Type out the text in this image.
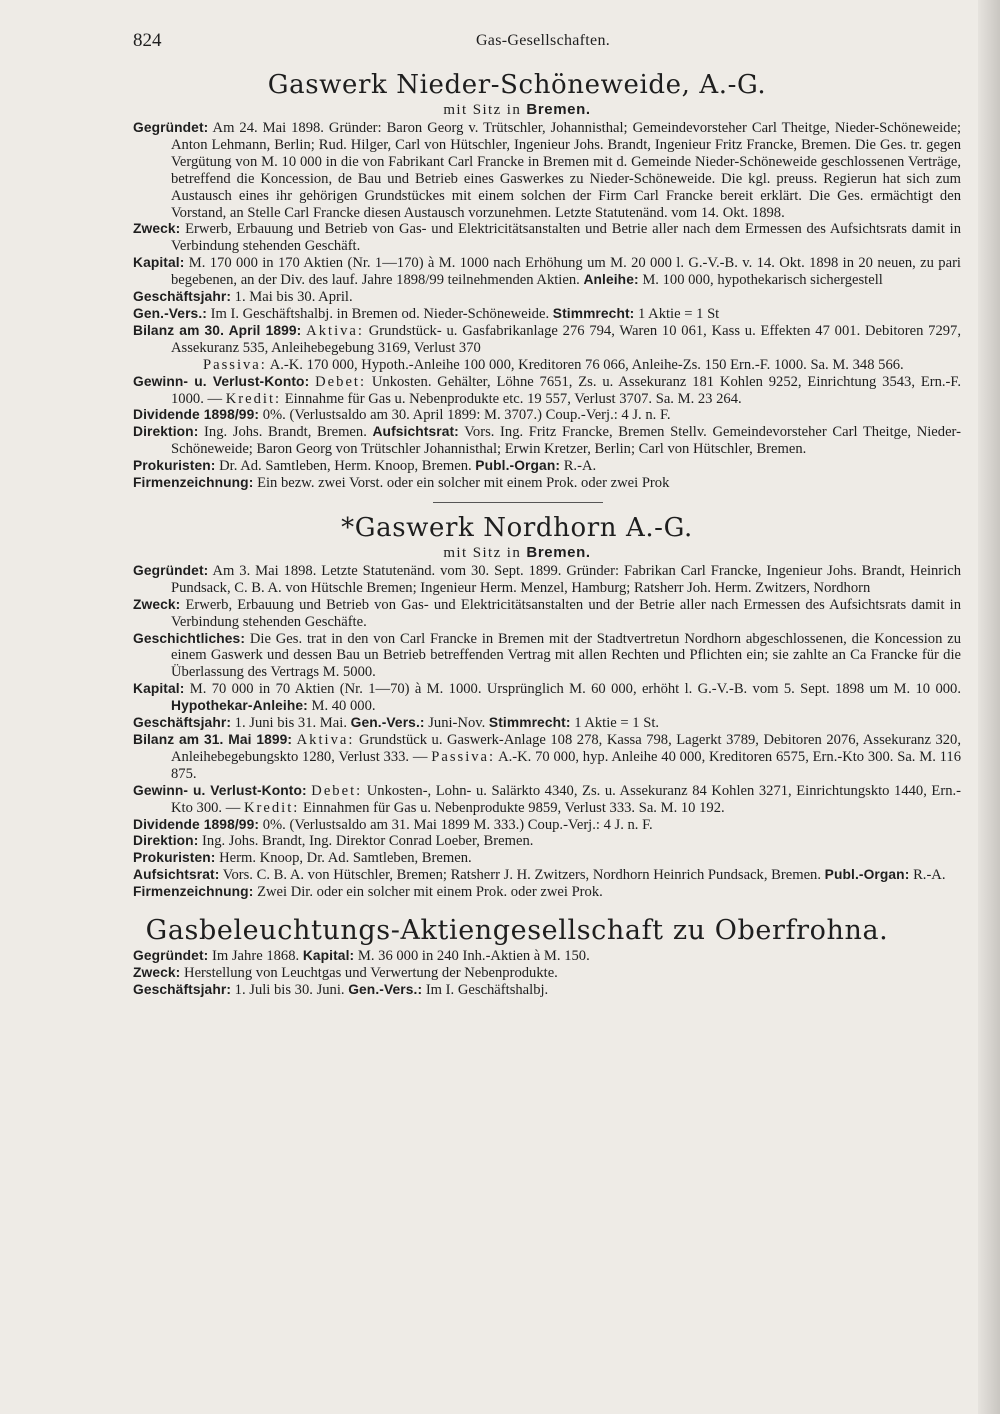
824	Gas-Gesellschaften.
Gaswerk Nieder-Schöneweide, A.-G.
mit Sitz in Bremen.

Gegründet: Am 24. Mai 1898. Gründer: Baron Georg v. Trütschler, Johannisthal; Gemeindevorsteher Carl Theitge, Nieder-Schöneweide; Anton Lehmann, Berlin; Rud. Hilger, Carl von Hütschler, Ingenieur Johs. Brandt, Ingenieur Fritz Francke, Bremen. Die Ges. tr. gegen Vergütung von M. 10 000 in die von Fabrikant Carl Francke in Bremen mit d. Gemeinde Nieder-Schöneweide geschlossenen Verträge, betreffend die Koncession, de Bau und Betrieb eines Gaswerkes zu Nieder-Schöneweide. Die kgl. preuss. Regierun hat sich zum Austausch eines ihr gehörigen Grundstückes mit einem solchen der Firm Carl Francke bereit erklärt. Die Ges. ermächtigt den Vorstand, an Stelle Carl Francke diesen Austausch vorzunehmen. Letzte Statutenänd. vom 14. Okt. 1898.

Zweck: Erwerb, Erbauung und Betrieb von Gas- und Elektricitätsanstalten und Betrie aller nach dem Ermessen des Aufsichtsrats damit in Verbindung stehenden Geschäft.

Kapital: M. 170 000 in 170 Aktien (Nr. 1—170) à M. 1000 nach Erhöhung um M. 20 000 l. G.-V.-B. v. 14. Okt. 1898 in 20 neuen, zu pari begebenen, an der Div. des lauf. Jahre 1898/99 teilnehmenden Aktien. Anleihe: M. 100 000, hypothekarisch sichergestell

Geschäftsjahr: 1. Mai bis 30. April.

Gen.-Vers.: Im I. Geschäftshalbj. in Bremen od. Nieder-Schöneweide. Stimmrecht: 1 Aktie = 1 St

Bilanz am 30. April 1899: Aktiva: Grundstück- u. Gasfabrikanlage 276 794, Waren 10 061, Kass u. Effekten 47 001. Debitoren 7297, Assekuranz 535, Anleihebegebung 3169, Verlust 370
Passiva: A.-K. 170 000, Hypoth.-Anleihe 100 000, Kreditoren 76 066, Anleihe-Zs. 150 Ern.-F. 1000. Sa. M. 348 566.

Gewinn- u. Verlust-Konto: Debet: Unkosten. Gehälter, Löhne 7651, Zs. u. Assekuranz 181 Kohlen 9252, Einrichtung 3543, Ern.-F. 1000. — Kredit: Einnahme für Gas u. Nebenprodukte etc. 19 557, Verlust 3707. Sa. M. 23 264.

Dividende 1898/99: 0%. (Verlustsaldo am 30. April 1899: M. 3707.) Coup.-Verj.: 4 J. n. F.

Direktion: Ing. Johs. Brandt, Bremen. Aufsichtsrat: Vors. Ing. Fritz Francke, Bremen Stellv. Gemeindevorsteher Carl Theitge, Nieder-Schöneweide; Baron Georg von Trütschler Johannisthal; Erwin Kretzer, Berlin; Carl von Hütschler, Bremen.

Prokuristen: Dr. Ad. Samtleben, Herm. Knoop, Bremen. Publ.-Organ: R.-A.

Firmenzeichnung: Ein bezw. zwei Vorst. oder ein solcher mit einem Prok. oder zwei Prok

*Gaswerk Nordhorn A.-G.
mit Sitz in Bremen.

Gegründet: Am 3. Mai 1898. Letzte Statutenänd. vom 30. Sept. 1899. Gründer: Fabrikan Carl Francke, Ingenieur Johs. Brandt, Heinrich Pundsack, C. B. A. von Hütschle Bremen; Ingenieur Herm. Menzel, Hamburg; Ratsherr Joh. Herm. Zwitzers, Nordhorn

Zweck: Erwerb, Erbauung und Betrieb von Gas- und Elektricitätsanstalten und der Betrie aller nach Ermessen des Aufsichtsrats damit in Verbindung stehenden Geschäfte.

Geschichtliches: Die Ges. trat in den von Carl Francke in Bremen mit der Stadtvertretun Nordhorn abgeschlossenen, die Koncession zu einem Gaswerk und dessen Bau un Betrieb betreffenden Vertrag mit allen Rechten und Pflichten ein; sie zahlte an Ca Francke für die Überlassung des Vertrags M. 5000.

Kapital: M. 70 000 in 70 Aktien (Nr. 1—70) à M. 1000. Ursprünglich M. 60 000, erhöht l. G.-V.-B. vom 5. Sept. 1898 um M. 10 000. Hypothekar-Anleihe: M. 40 000.

Geschäftsjahr: 1. Juni bis 31. Mai. Gen.-Vers.: Juni-Nov. Stimmrecht: 1 Aktie = 1 St.

Bilanz am 31. Mai 1899: Aktiva: Grundstück u. Gaswerk-Anlage 108 278, Kassa 798, Lagerkt 3789, Debitoren 2076, Assekuranz 320, Anleihebegebungskto 1280, Verlust 333. — Passiva: A.-K. 70 000, hyp. Anleihe 40 000, Kreditoren 6575, Ern.-Kto 300. Sa. M. 116 875.

Gewinn- u. Verlust-Konto: Debet: Unkosten-, Lohn- u. Salärkto 4340, Zs. u. Assekuranz 84 Kohlen 3271, Einrichtungskto 1440, Ern.-Kto 300. — Kredit: Einnahmen für Gas u. Nebenprodukte 9859, Verlust 333. Sa. M. 10 192.

Dividende 1898/99: 0%. (Verlustsaldo am 31. Mai 1899 M. 333.) Coup.-Verj.: 4 J. n. F.

Direktion: Ing. Johs. Brandt, Ing. Direktor Conrad Loeber, Bremen.

Prokuristen: Herm. Knoop, Dr. Ad. Samtleben, Bremen.

Aufsichtsrat: Vors. C. B. A. von Hütschler, Bremen; Ratsherr J. H. Zwitzers, Nordhorn Heinrich Pundsack, Bremen. Publ.-Organ: R.-A.

Firmenzeichnung: Zwei Dir. oder ein solcher mit einem Prok. oder zwei Prok.

Gasbeleuchtungs-Aktiengesellschaft zu Oberfrohna.

Gegründet: Im Jahre 1868. Kapital: M. 36 000 in 240 Inh.-Aktien à M. 150.

Zweck: Herstellung von Leuchtgas und Verwertung der Nebenprodukte.

Geschäftsjahr: 1. Juli bis 30. Juni. Gen.-Vers.: Im I. Geschäftshalbj.
